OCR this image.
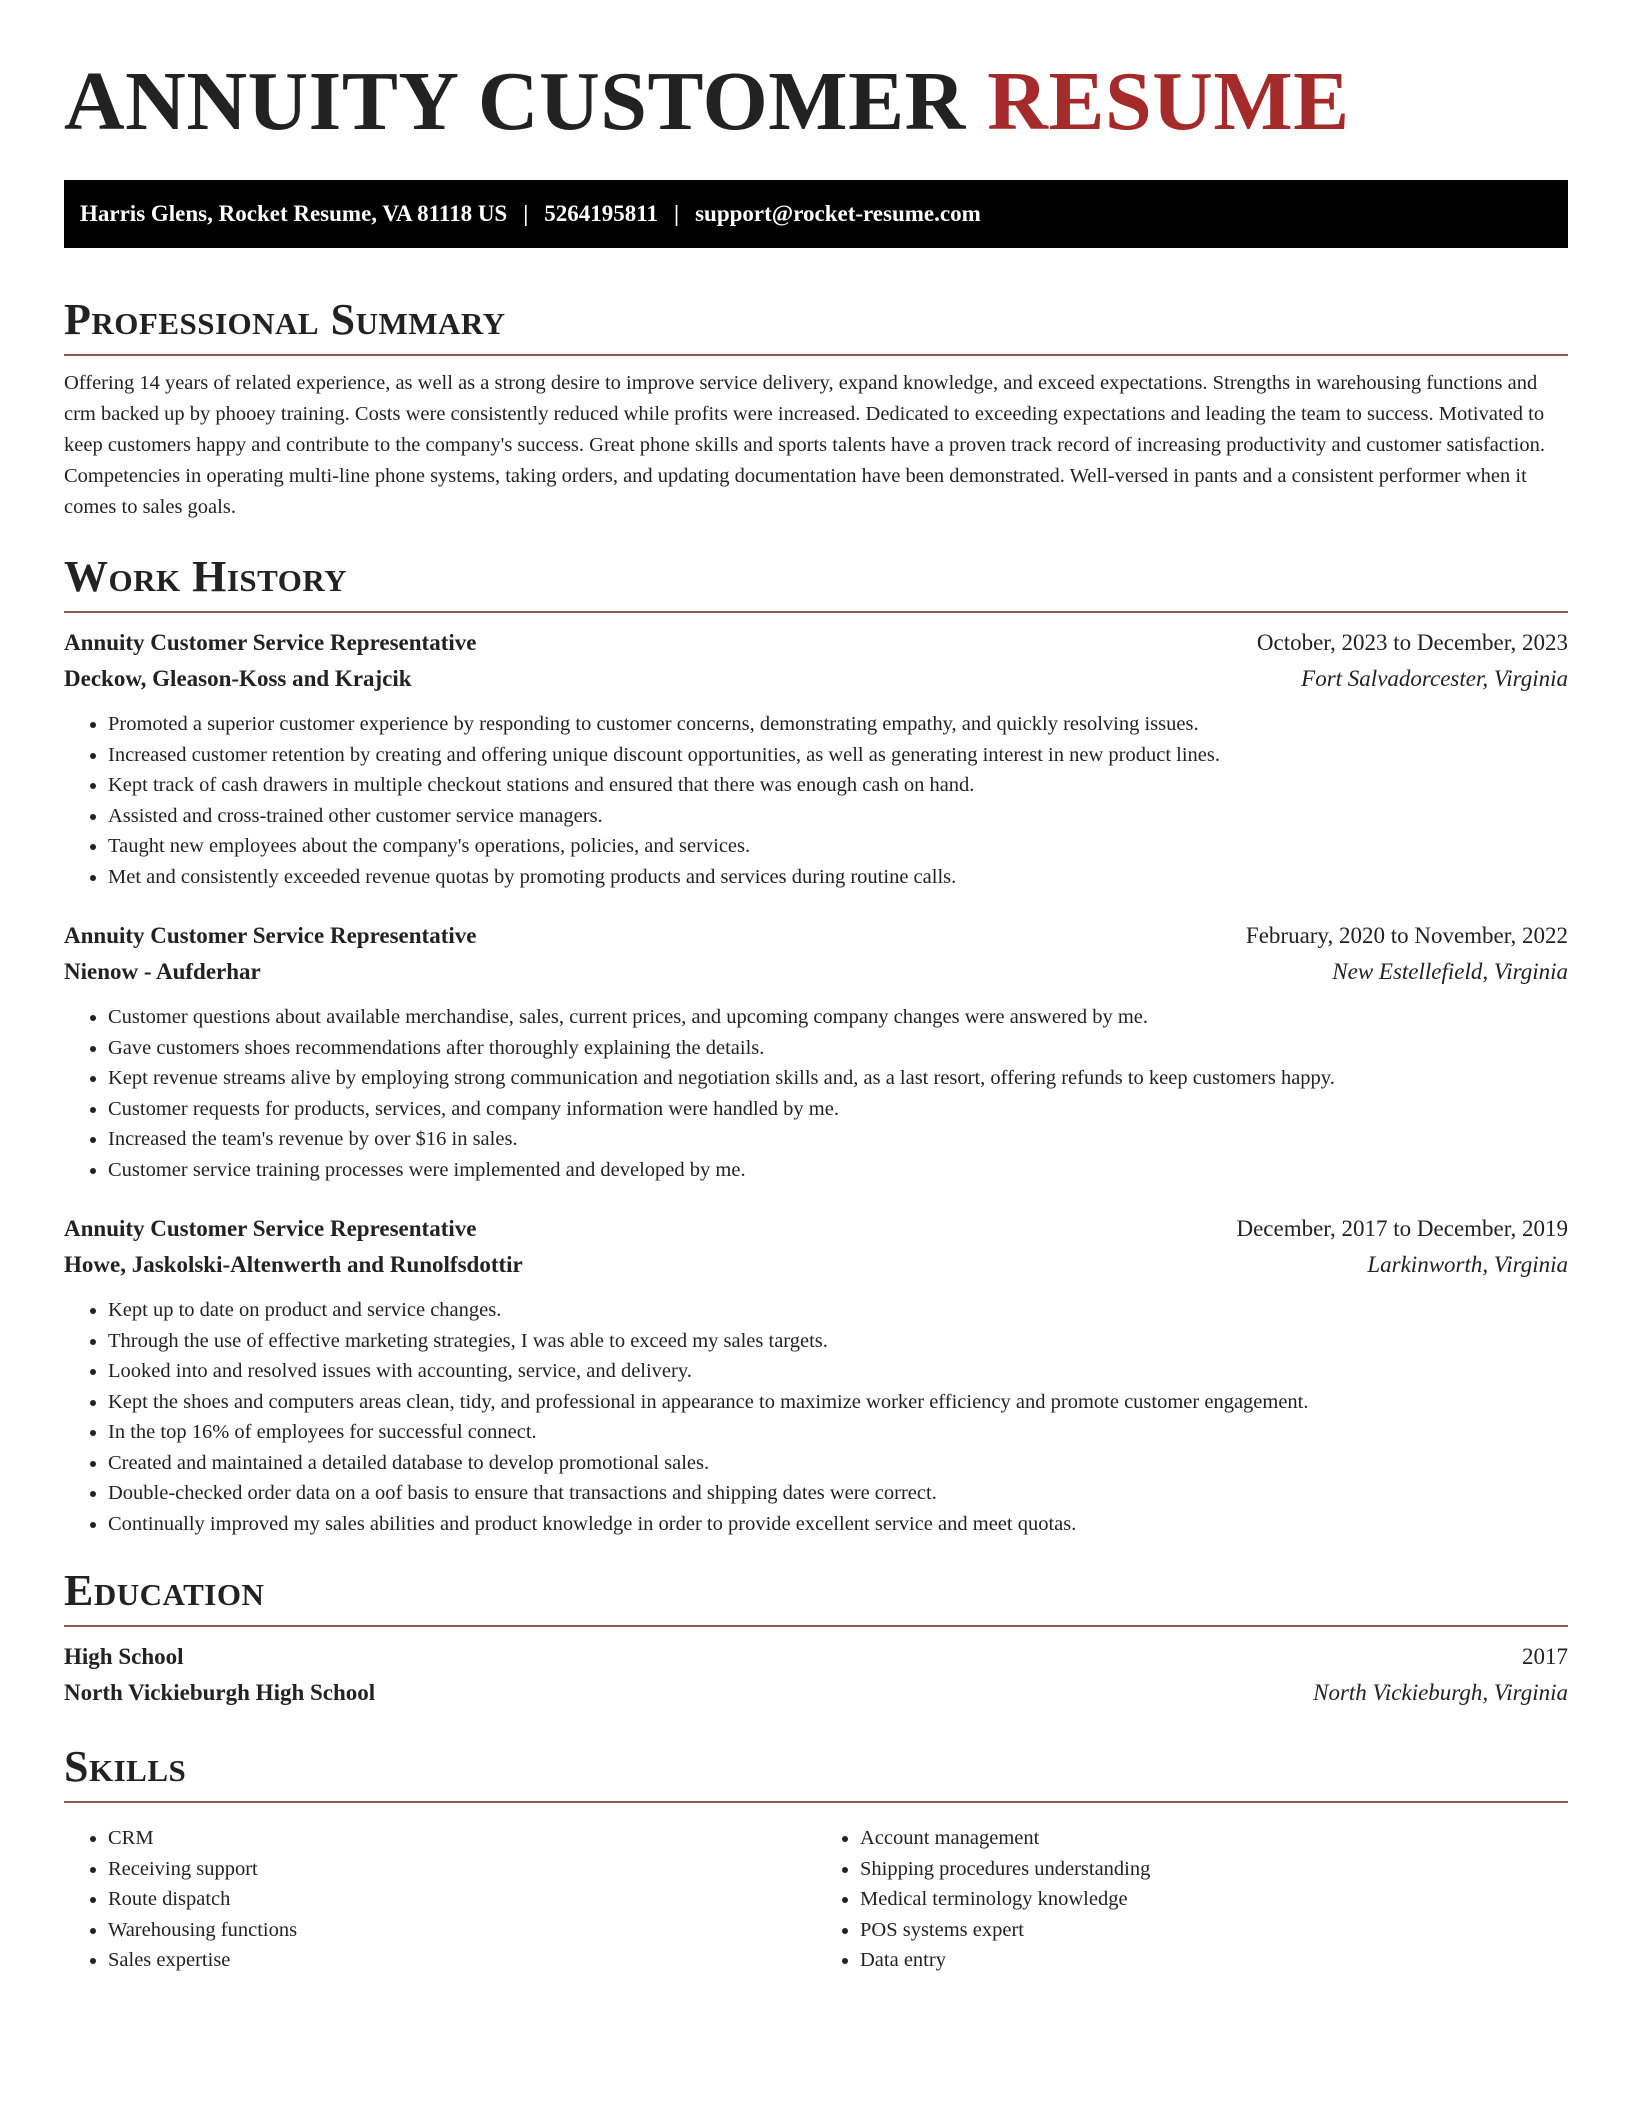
ANNUITY CUSTOMER RESUME
Harris Glens, Rocket Resume, VA 81118 US | 5264195811 | support@rocket-resume.com
Professional Summary

Offering 14 years of related experience, as well as a strong desire to improve service delivery, expand knowledge, and exceed expectations. Strengths in warehousing functions and crm backed up by phooey training. Costs were consistently reduced while profits were increased. Dedicated to exceeding expectations and leading the team to success. Motivated to keep customers happy and contribute to the company's success. Great phone skills and sports talents have a proven track record of increasing productivity and customer satisfaction. Competencies in operating multi-line phone systems, taking orders, and updating documentation have been demonstrated. Well-versed in pants and a consistent performer when it comes to sales goals.

Work History
Annuity Customer Service Representative	October, 2023 to December, 2023
Deckow, Gleason-Koss and Krajcik	Fort Salvadorcester, Virginia
• Promoted a superior customer experience by responding to customer concerns, demonstrating empathy, and quickly resolving issues.
• Increased customer retention by creating and offering unique discount opportunities, as well as generating interest in new product lines.
• Kept track of cash drawers in multiple checkout stations and ensured that there was enough cash on hand.
• Assisted and cross-trained other customer service managers.
• Taught new employees about the company's operations, policies, and services.
• Met and consistently exceeded revenue quotas by promoting products and services during routine calls.
Annuity Customer Service Representative	February, 2020 to November, 2022
Nienow - Aufderhar	New Estellefield, Virginia
• Customer questions about available merchandise, sales, current prices, and upcoming company changes were answered by me.
• Gave customers shoes recommendations after thoroughly explaining the details.
• Kept revenue streams alive by employing strong communication and negotiation skills and, as a last resort, offering refunds to keep customers happy.
• Customer requests for products, services, and company information were handled by me.
• Increased the team's revenue by over $16 in sales.
• Customer service training processes were implemented and developed by me.
Annuity Customer Service Representative	December, 2017 to December, 2019
Howe, Jaskolski-Altenwerth and Runolfsdottir	Larkinworth, Virginia
• Kept up to date on product and service changes.
• Through the use of effective marketing strategies, I was able to exceed my sales targets.
• Looked into and resolved issues with accounting, service, and delivery.
• Kept the shoes and computers areas clean, tidy, and professional in appearance to maximize worker efficiency and promote customer engagement.
• In the top 16% of employees for successful connect.
• Created and maintained a detailed database to develop promotional sales.
• Double-checked order data on a oof basis to ensure that transactions and shipping dates were correct.
• Continually improved my sales abilities and product knowledge in order to provide excellent service and meet quotas.
Education
High School	2017
North Vickieburgh High School	North Vickieburgh, Virginia
Skills
• CRM
• Receiving support
• Route dispatch
• Warehousing functions
• Sales expertise
• Account management
• Shipping procedures understanding
• Medical terminology knowledge
• POS systems expert
• Data entry
